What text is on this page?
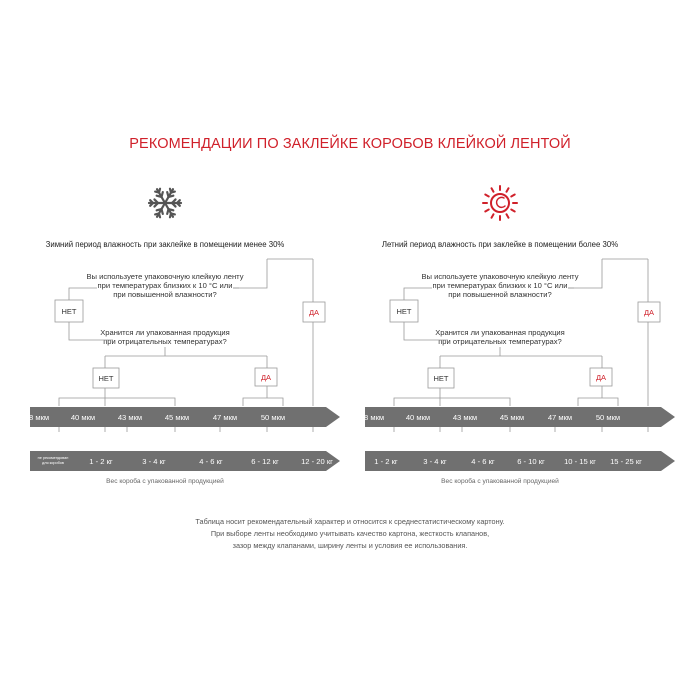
РЕКОМЕНДАЦИИ ПО ЗАКЛЕЙКЕ КОРОБОВ КЛЕЙКОЙ ЛЕНТОЙ
Зимний период влажность при заклейке в помещении менее 30%
Вы используете упаковочную клейкую ленту при температурах близких к 10 °С или при повышенной влажности?
Хранится ли упакованная продукция при отрицательных температурах?
НЕТ	ДА
НЕТ	ДА
38 мкм	40 мкм	43 мкм	45 мкм	47 мкм	50 мкм
не рекомендован для коробов	1 - 2 кг	3 - 4 кг	4 - 6 кг	6 - 12 кг	12 - 20 кг
Вес короба с упакованной продукцией
Летний период влажность при заклейке в помещении более 30%
Вы используете упаковочную клейкую ленту при температурах близких к 10 °С или при повышенной влажности?
Хранится ли упакованная продукция при отрицательных температурах?
НЕТ	ДА
НЕТ	ДА
38 мкм	40 мкм	43 мкм	45 мкм	47 мкм	50 мкм
1 - 2 кг	3 - 4 кг	4 - 6 кг	6 - 10 кг	10 - 15 кг 15 - 25 кг
Вес короба с упакованной продукцией
Таблица носит рекомендательный характер и относится к среднестатистическому картону.
При выборе ленты необходимо учитывать качество картона, жесткость клапанов,
зазор между клапанами, ширину ленты и условия ее использования.
